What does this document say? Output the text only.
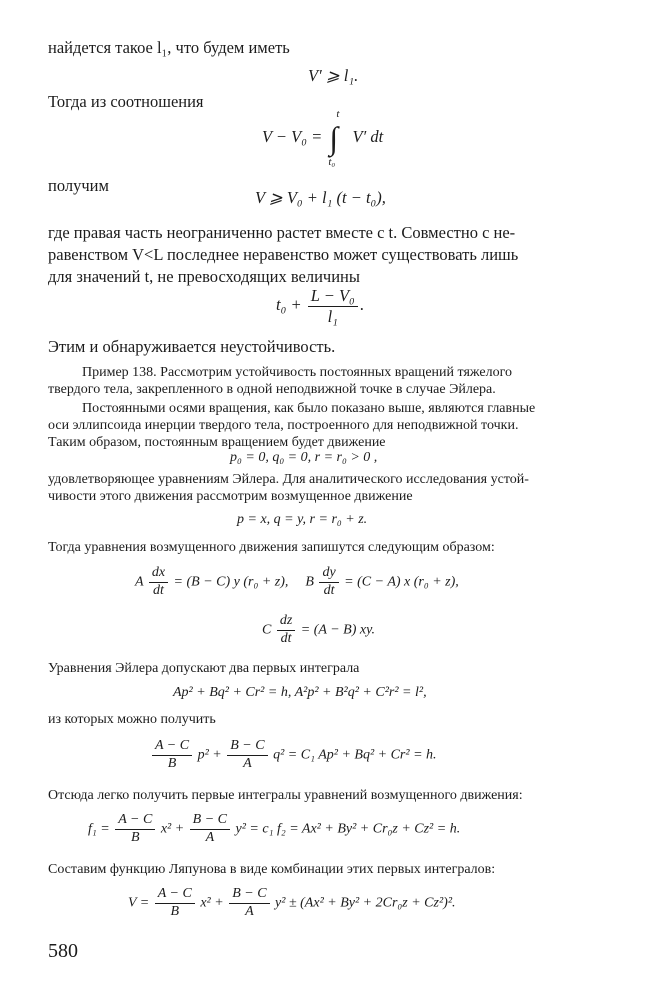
найдется такое l₁, что будем иметь
V′ ⩾ l₁.
Тогда из соотношения
V − V₀ = ∫
t
t₀
V′ dt
получим
V ⩾ V₀ + l₁ (t − t₀),
где правая часть неограниченно растет вместе с t. Совместно с не-
равенством V<L последнее неравенство может существовать лишь
для значений t, не превосходящих величины
$t_0 + \frac{\text{L − V₀}}{\text{l₁}}$ .
Этим и обнаруживается неустойчивость.
Пример 138. Рассмотрим устойчивость постоянных вращений тяжелого
твердого тела, закрепленного в одной неподвижной точке в случае Эйлера.
Постоянными осями вращения, как было показано выше, являются главные
оси эллипсоида инерции твердого тела, построенного для неподвижной точки.
Таким образом, постоянным вращением будет движение
p₀ = 0, q₀ = 0, r = r₀ > 0 ,
удовлетворяющее уравнениям Эйлера. Для аналитического исследования устой-
чивости этого движения рассмотрим возмущенное движение
p = x, q = y, r = r₀ + z.
Тогда уравнения возмущенного движения запишутся следующим образом:
A $\frac{dx}{dt} = (B - C)$ y (r₀ + z), B $\frac{dy}{dt} = (C - A)$ x (r₀ + z),
C $\frac{dz}{dt} = (A - B)$ xy.
Уравнения Эйлера допускают два первых интеграла
Ap² + Bq² + Cr² = h, A²p² + B²q² + C²r² = l²,
из которых можно получить
$\frac{A - C}{B} p^2 + \frac{B - C}{A} q^2 = C_1$ Ap² + Bq² + Cr² = h.
Отсюда легко получить первые интегралы уравнений возмущенного движения:
$f_1 = \frac{A - C}{B} x^2 + \frac{B - C}{A} y^2 = c_1$ f₂ = Ax² + By² + Cr₀z + Cz² = h.
Составим функцию Ляпунова в виде комбинации этих первых интегралов:
$V = \frac{A - C}{B} x^2 + \frac{B - C}{A} y^2 \pm (Ax^2 + By^2 + 2Cr_0z + Cz^2)^2$.
580
